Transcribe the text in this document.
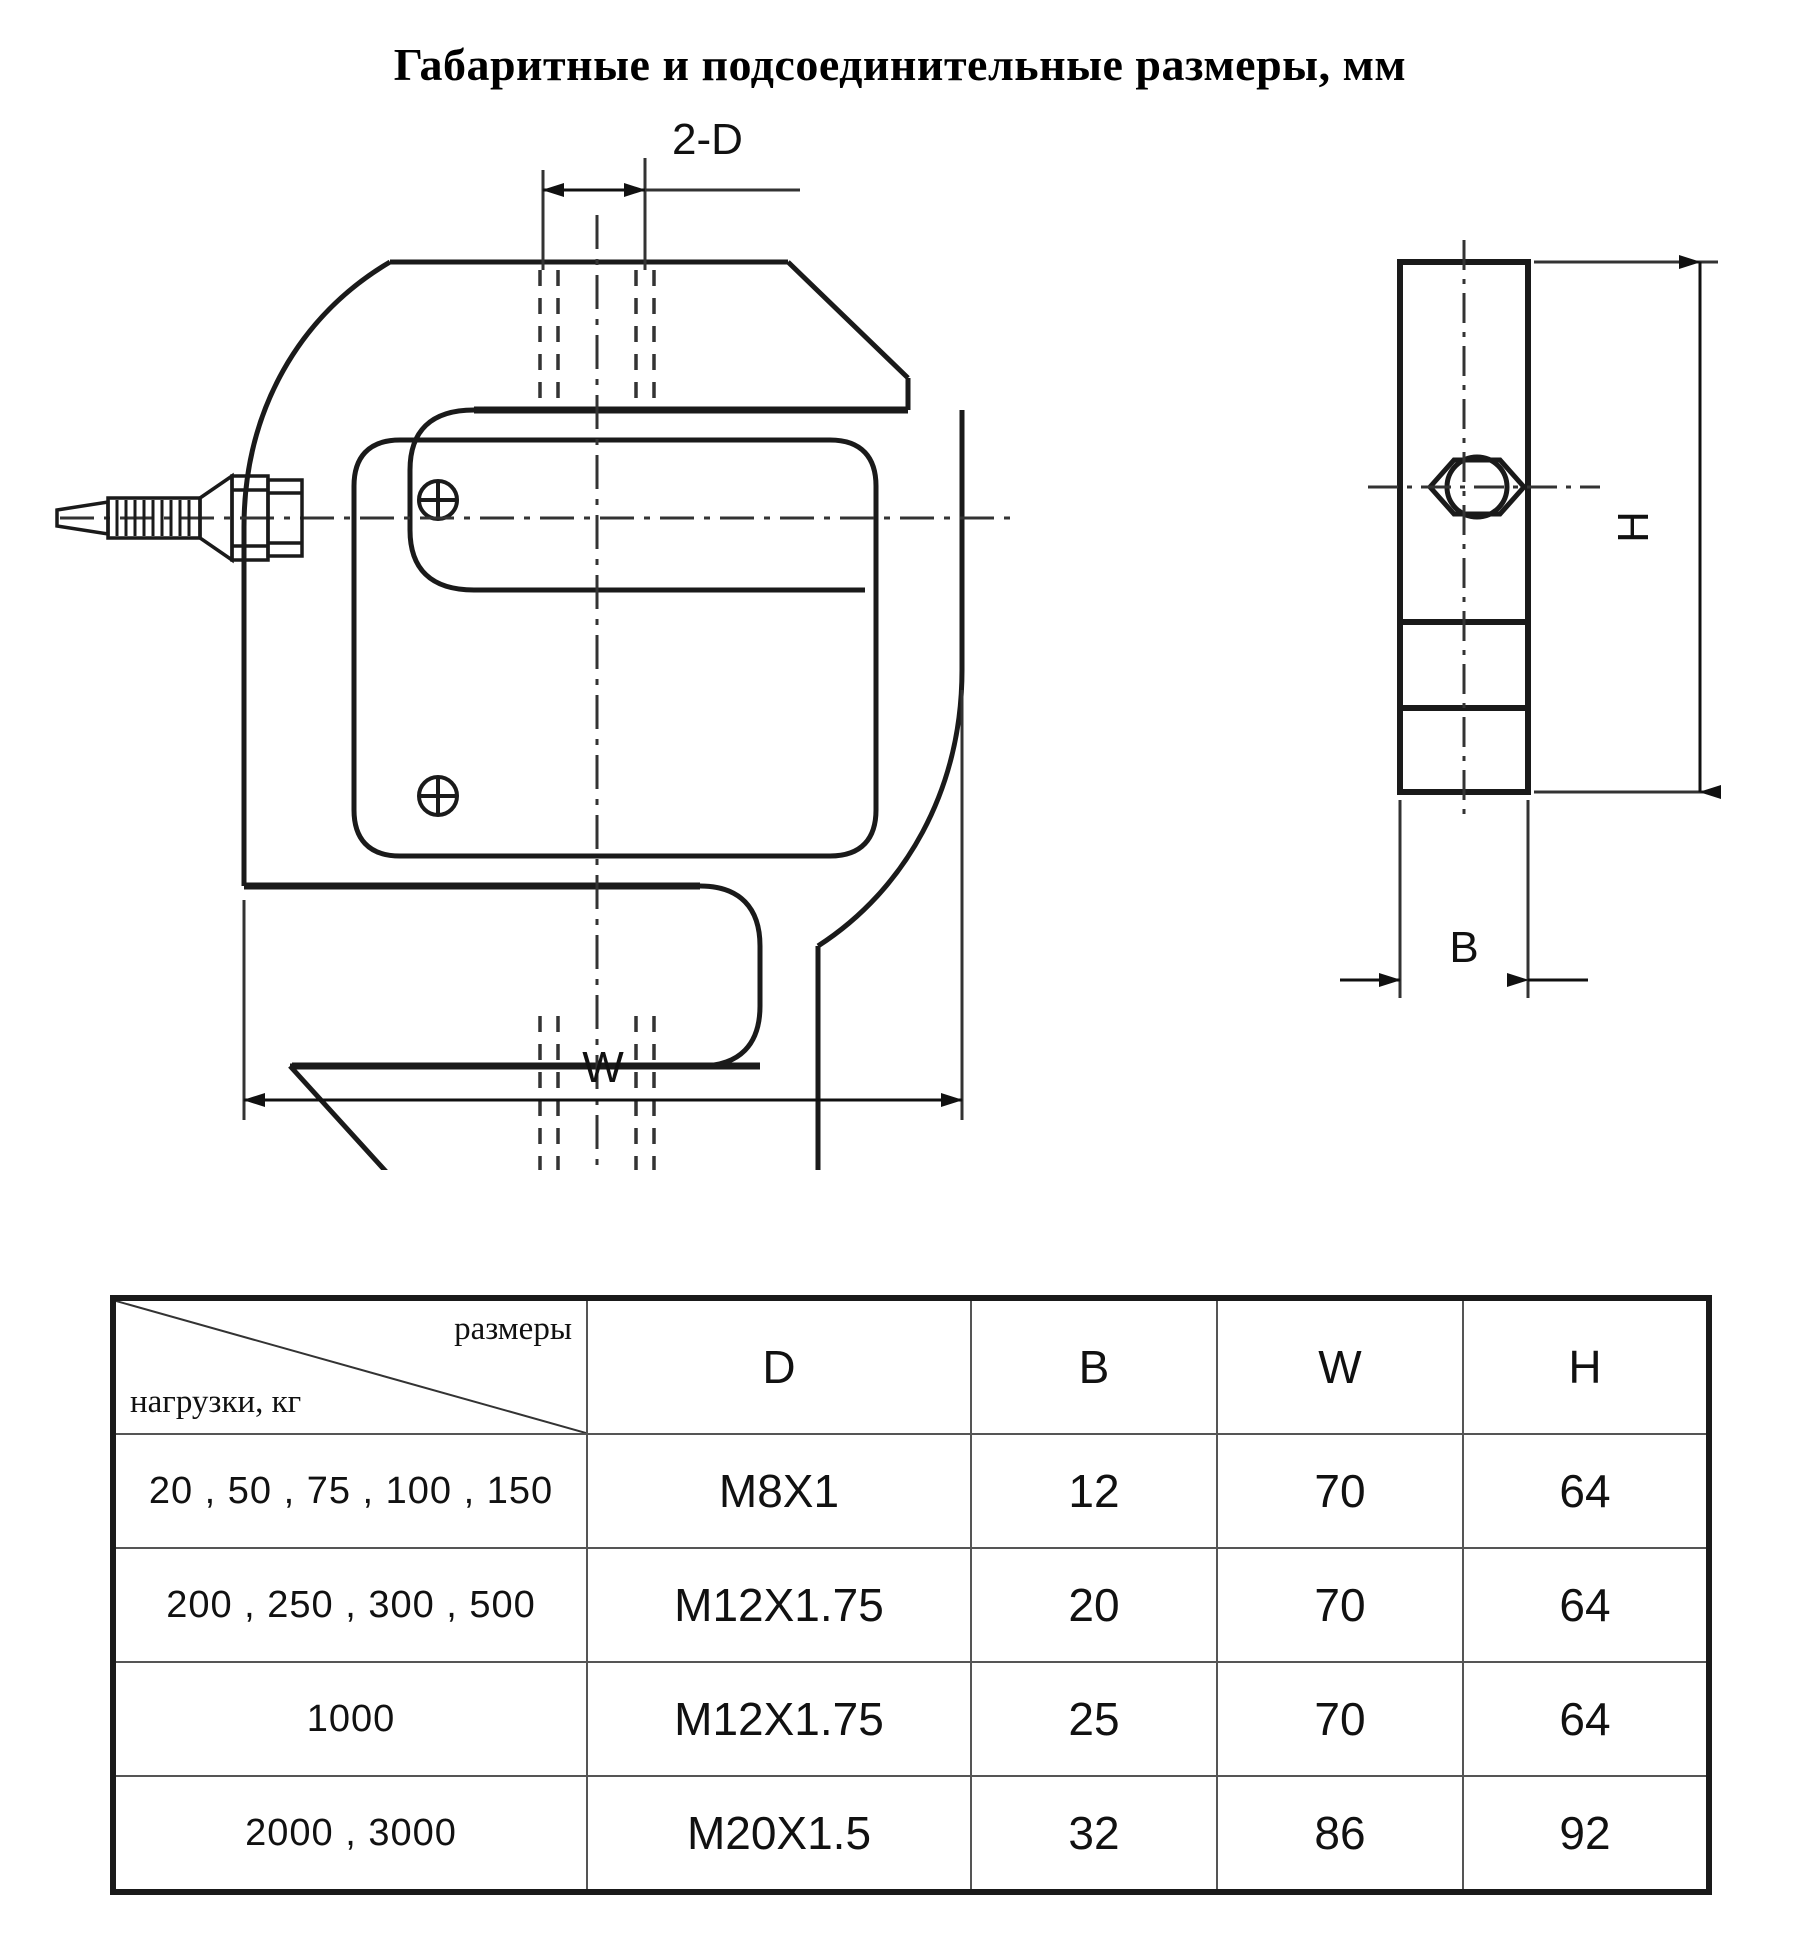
Габаритные и подсоединительные размеры, мм
2-D
W
H
B
размеры
нагрузки, кг	D	B	W	H
20 , 50 , 75 , 100 , 150	M8X1	12	70	64
200 , 250 , 300 , 500	M12X1.75	20	70	64
1000	M12X1.75	25	70	64
2000 , 3000	M20X1.5	32	86	92
